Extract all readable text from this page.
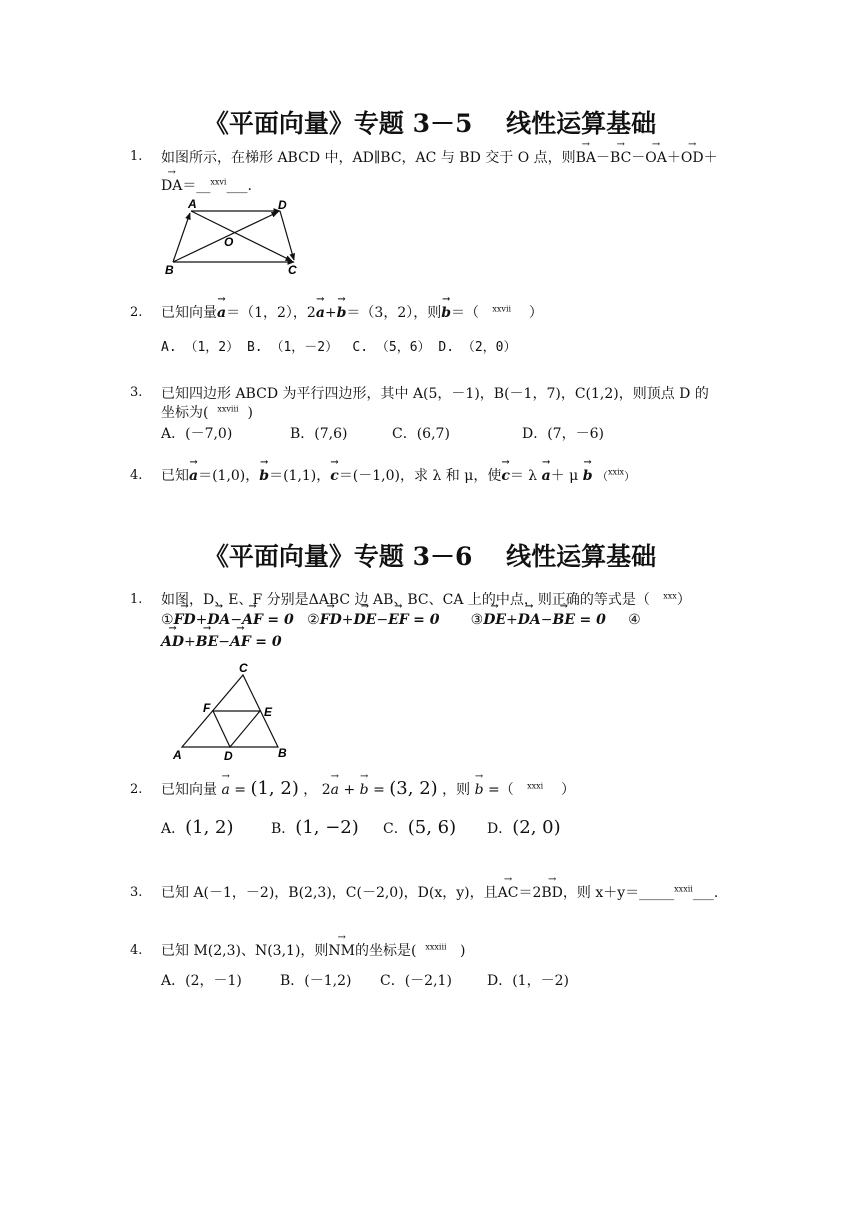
《平面向量》专题 3－5　 线性运算基础
1. 如图所示，在梯形 ABCD 中，AD∥BC，AC 与 BD 交于 O 点，则BA →－BC →－OA →＋OD →＋
DA →＝__$^{xxvi}$___.
A	D
O
B	C
2. 已知向量a →＝（1，2），2a →+b →＝（3，2），则b →＝（ $^{xxvii}$ ）
A. （1，2） B. （1，－2）　 C. （5，6） D. （2，0）
3. 已知四边形 ABCD 为平行四边形，其中 A(5，－1)，B(－1，7)，C(1,2)，则顶点 D 的
坐标为( $^{xxviii}$ )
A．(－7,0)	B．(7,6)	C．(6,7)	D．(7，－6)
4. 已知a →＝(1,0)，b →＝(1,1)，c →＝(－1,0)，求 λ 和 μ，使c →＝ λ a →＋ μ b → （$^{xxix}$）
《平面向量》专题 3－6　 线性运算基础
1. 如图，D、E、F 分别是ΔABC 边 AB、BC、CA 上的中点，则正确的等式是（ $^{xxx}$）
①FD →+DA →−AF → = 0 ②FD →+DE →−EF → = 0 ③DE →+DA →−BE → = 0 ④
AD →+BE →−AF → = 0
C
F	E
A	D	B
2. 已知向量 a → = (1, 2) ， 2a → + b → = (3, 2) ，则 b → =（ $^{xxxi}$ ）
A．(1, 2)	B．(1, −2) C．(5, 6) D．(2, 0)
3. 已知 A(－1，－2)，B(2,3)，C(－2,0)，D(x，y)，且AC →＝2BD →，则 x＋y＝_____$^{xxxii}$___.
4. 已知 M(2,3)、N(3,1)，则NM →的坐标是( $^{xxxiii}$ )
A．(2，－1)	B．(－1,2) C．(－2,1)	D．(1，－2)
